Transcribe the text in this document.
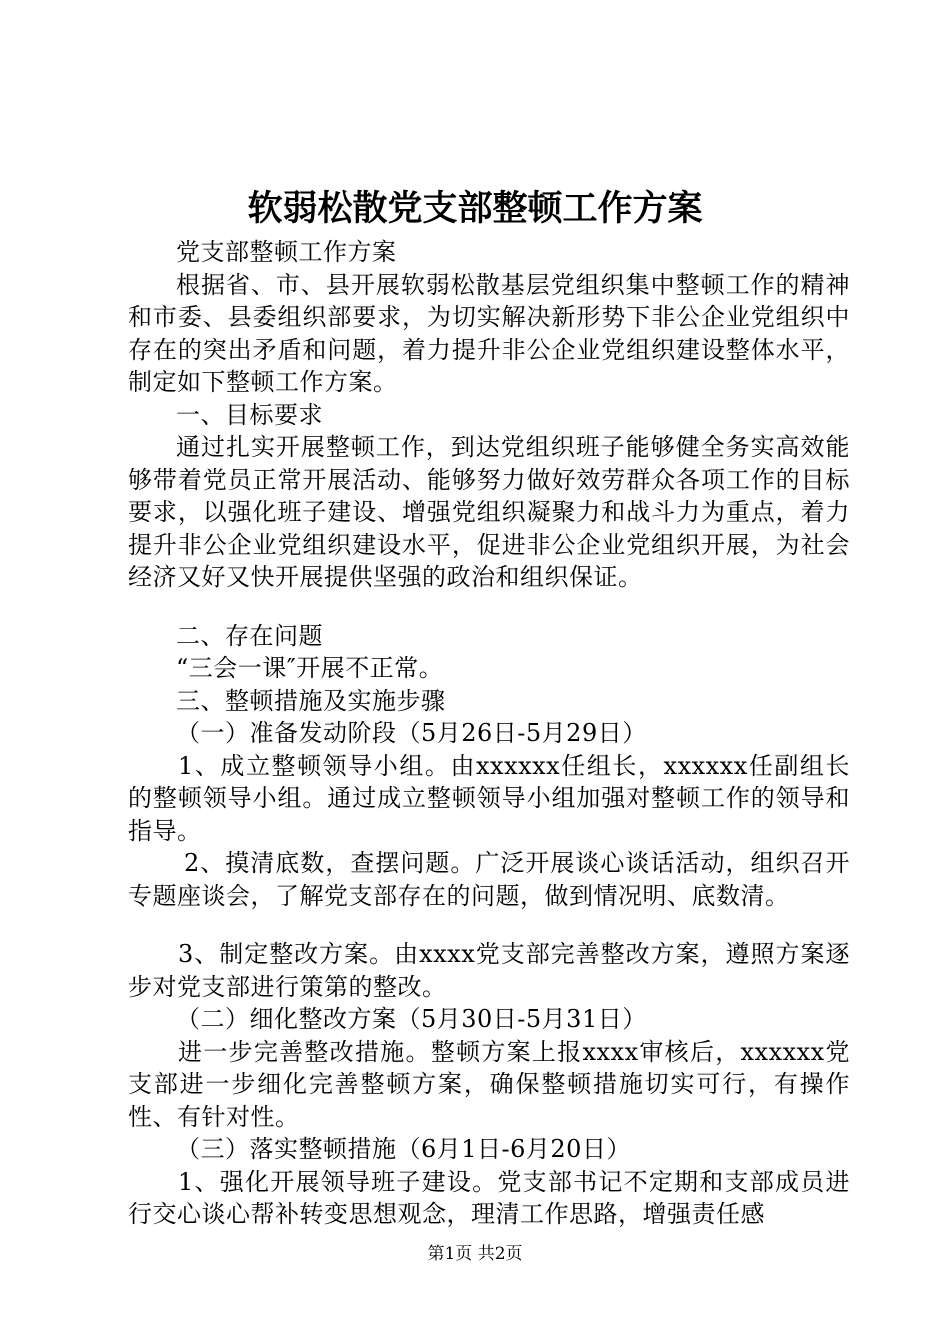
软弱松散党支部整顿工作方案

党支部整顿工作方案

根据省、市、县开展软弱松散基层党组织集中整顿工作的精神和市委、县委组织部要求，为切实解决新形势下非公企业党组织中存在的突出矛盾和问题，着力提升非公企业党组织建设整体水平，制定如下整顿工作方案。

一、目标要求

通过扎实开展整顿工作，到达党组织班子能够健全务实高效能够带着党员正常开展活动、能够努力做好效劳群众各项工作的目标要求，以强化班子建设、增强党组织凝聚力和战斗力为重点，着力提升非公企业党组织建设水平，促进非公企业党组织开展，为社会经济又好又快开展提供坚强的政治和组织保证。

二、存在问题

“三会一课″开展不正常。

三、整顿措施及实施步骤

（一）准备发动阶段（5月26日-5月29日）

1、成立整顿领导小组。由xxxxxx任组长，xxxxxx任副组长的整顿领导小组。通过成立整顿领导小组加强对整顿工作的领导和指导。

2、摸清底数，查摆问题。广泛开展谈心谈话活动，组织召开专题座谈会，了解党支部存在的问题，做到情况明、底数清。

3、制定整改方案。由xxxx党支部完善整改方案，遵照方案逐步对党支部进行策第的整改。

（二）细化整改方案（5月30日-5月31日）

进一步完善整改措施。整顿方案上报xxxx审核后，xxxxxx党支部进一步细化完善整顿方案，确保整顿措施切实可行，有操作性、有针对性。

（三）落实整顿措施（6月1日-6月20日）

1、强化开展领导班子建设。党支部书记不定期和支部成员进行交心谈心帮补转变思想观念，理清工作思路，增强责任感

第1页 共2页
